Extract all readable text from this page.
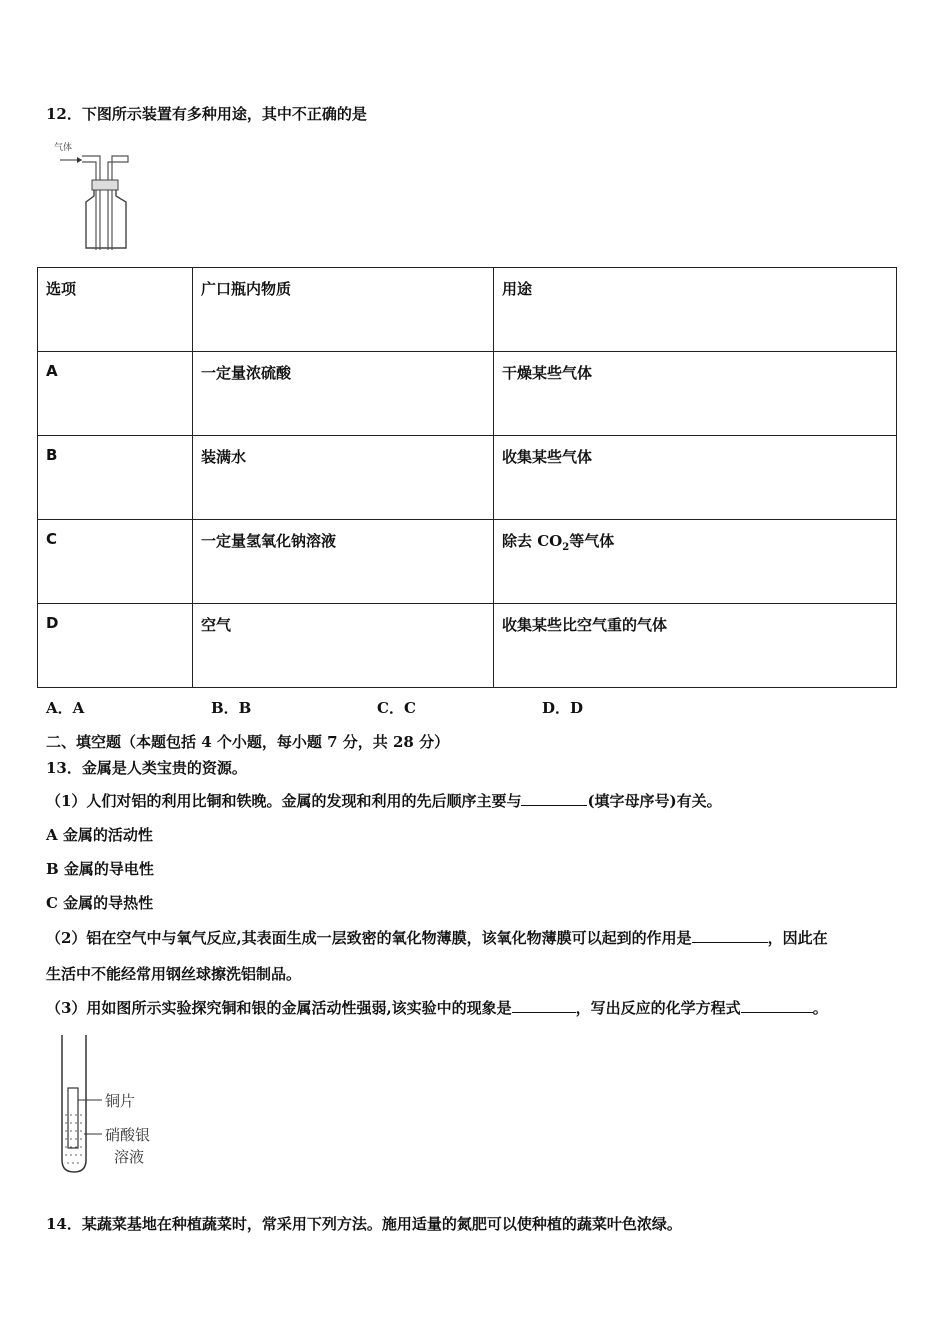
12．下图所示装置有多种用途，其中不正确的是
气体
选项	广口瓶内物质	用途
A	一定量浓硫酸	干燥某些气体
B	装满水	收集某些气体
C	一定量氢氧化钠溶液	除去 $CO_2$等气体
D	空气	收集某些比空气重的气体
A．A	B．B	C．C	D．D
二、填空题（本题包括 4 个小题，每小题 7 分，共 28 分）
13．金属是人类宝贵的资源。
（1）人们对铝的利用比铜和铁晚。金属的发现和利用的先后顺序主要与	(填字母序号)有关。
A 金属的活动性
B 金属的导电性
C 金属的导热性
（2）铝在空气中与氧气反应,其表面生成一层致密的氧化物薄膜，该氧化物薄膜可以起到的作用是	，因此在
生活中不能经常用钢丝球擦洗铝制品。
（3）用如图所示实验探究铜和银的金属活动性强弱,该实验中的现象是	，写出反应的化学方程式	。
铜片
硝酸银
溶液
14．某蔬菜基地在种植蔬菜时，常采用下列方法。施用适量的氮肥可以使种植的蔬菜叶色浓绿。
